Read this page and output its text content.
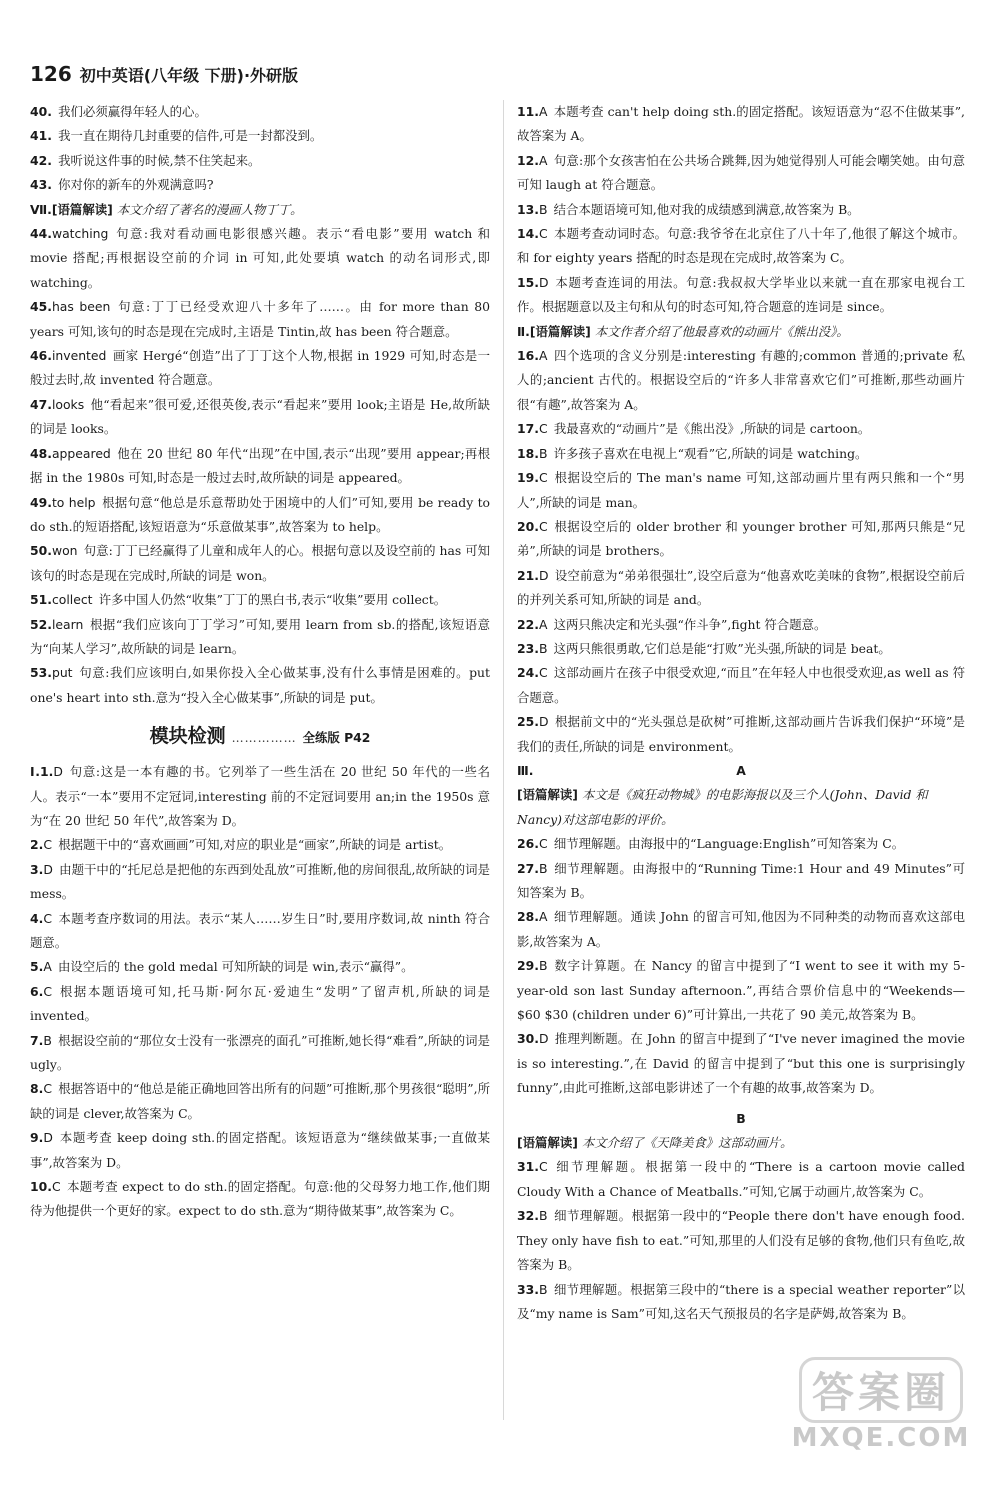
126 初中英语(八年级 下册)·外研版

40.  我们必须赢得年轻人的心。

41.  我一直在期待几封重要的信件,可是一封都没到。

42.  我听说这件事的时候,禁不住笑起来。

43.  你对你的新车的外观满意吗?

Ⅶ.[语篇解读] 本文介绍了著名的漫画人物丁丁。

44.watching  句意:我对看动画电影很感兴趣。表示“看电影”要用 watch 和 movie 搭配;再根据设空前的介词 in 可知,此处要填 watch 的动名词形式,即 watching。

45.has been  句意:丁丁已经受欢迎八十多年了……。由 for more than 80 years 可知,该句的时态是现在完成时,主语是 Tintin,故 has been 符合题意。

46.invented  画家 Hergé“创造”出了丁丁这个人物,根据 in 1929 可知,时态是一般过去时,故 invented 符合题意。

47.looks  他“看起来”很可爱,还很英俊,表示“看起来”要用 look;主语是 He,故所缺的词是 looks。

48.appeared  他在 20 世纪 80 年代“出现”在中国,表示“出现”要用 appear;再根据 in the 1980s 可知,时态是一般过去时,故所缺的词是 appeared。

49.to help  根据句意“他总是乐意帮助处于困境中的人们”可知,要用 be ready to do sth.的短语搭配,该短语意为“乐意做某事”,故答案为 to help。

50.won  句意:丁丁已经赢得了儿童和成年人的心。根据句意以及设空前的 has 可知该句的时态是现在完成时,所缺的词是 won。

51.collect  许多中国人仍然“收集”丁丁的黑白书,表示“收集”要用 collect。

52.learn  根据“我们应该向丁丁学习”可知,要用 learn from sb.的搭配,该短语意为“向某人学习”,故所缺的词是 learn。

53.put  句意:我们应该明白,如果你投入全心做某事,没有什么事情是困难的。put one's heart into sth.意为“投入全心做某事”,所缺的词是 put。

模块检测 …………… 全练版 P42

Ⅰ.1.D  句意:这是一本有趣的书。它列举了一些生活在 20 世纪 50 年代的一些名人。表示“一本”要用不定冠词,interesting 前的不定冠词要用 an;in the 1950s 意为“在 20 世纪 50 年代”,故答案为 D。

2.C  根据题干中的“喜欢画画”可知,对应的职业是“画家”,所缺的词是 artist。

3.D  由题干中的“托尼总是把他的东西到处乱放”可推断,他的房间很乱,故所缺的词是 mess。

4.C  本题考查序数词的用法。表示“某人……岁生日”时,要用序数词,故 ninth 符合题意。

5.A  由设空后的 the gold medal 可知所缺的词是 win,表示“赢得”。

6.C  根据本题语境可知,托马斯·阿尔瓦·爱迪生“发明”了留声机,所缺的词是 invented。

7.B  根据设空前的“那位女士没有一张漂亮的面孔”可推断,她长得“难看”,所缺的词是 ugly。

8.C  根据答语中的“他总是能正确地回答出所有的问题”可推断,那个男孩很“聪明”,所缺的词是 clever,故答案为 C。

9.D  本题考查 keep doing sth.的固定搭配。该短语意为“继续做某事;一直做某事”,故答案为 D。

10.C  本题考查 expect to do sth.的固定搭配。句意:他的父母努力地工作,他们期待为他提供一个更好的家。expect to do sth.意为“期待做某事”,故答案为 C。

11.A  本题考查 can't help doing sth.的固定搭配。该短语意为“忍不住做某事”,故答案为 A。

12.A  句意:那个女孩害怕在公共场合跳舞,因为她觉得别人可能会嘲笑她。由句意可知 laugh at 符合题意。

13.B  结合本题语境可知,他对我的成绩感到满意,故答案为 B。

14.C  本题考查动词时态。句意:我爷爷在北京住了八十年了,他很了解这个城市。和 for eighty years 搭配的时态是现在完成时,故答案为 C。

15.D  本题考查连词的用法。句意:我叔叔大学毕业以来就一直在那家电视台工作。根据题意以及主句和从句的时态可知,符合题意的连词是 since。

Ⅱ.[语篇解读] 本文作者介绍了他最喜欢的动画片《熊出没》。

16.A  四个选项的含义分别是:interesting 有趣的;common 普通的;private 私人的;ancient 古代的。根据设空后的“许多人非常喜欢它们”可推断,那些动画片很“有趣”,故答案为 A。

17.C  我最喜欢的“动画片”是《熊出没》,所缺的词是 cartoon。

18.B  许多孩子喜欢在电视上“观看”它,所缺的词是 watching。

19.C  根据设空后的 The man's name 可知,这部动画片里有两只熊和一个“男人”,所缺的词是 man。

20.C  根据设空后的 older brother 和 younger brother 可知,那两只熊是“兄弟”,所缺的词是 brothers。

21.D  设空前意为“弟弟很强壮”,设空后意为“他喜欢吃美味的食物”,根据设空前后的并列关系可知,所缺的词是 and。

22.A  这两只熊决定和光头强“作斗争”,fight 符合题意。

23.B  这两只熊很勇敢,它们总是能“打败”光头强,所缺的词是 beat。

24.C  这部动画片在孩子中很受欢迎,“而且”在年轻人中也很受欢迎,as well as 符合题意。

25.D  根据前文中的“光头强总是砍树”可推断,这部动画片告诉我们保护“环境”是我们的责任,所缺的词是 environment。

Ⅲ.	A

[语篇解读] 本文是《疯狂动物城》的电影海报以及三个人(John、David 和 Nancy)对这部电影的评价。

26.C  细节理解题。由海报中的“Language:English”可知答案为 C。

27.B  细节理解题。由海报中的“Running Time:1 Hour and 49 Minutes”可知答案为 B。

28.A  细节理解题。通读 John 的留言可知,他因为不同种类的动物而喜欢这部电影,故答案为 A。

29.B  数字计算题。在 Nancy 的留言中提到了“I went to see it with my 5-year-old son last Sunday afternoon.”,再结合票价信息中的“Weekends— $60 $30 (children under 6)”可计算出,一共花了 90 美元,故答案为 B。

30.D  推理判断题。在 John 的留言中提到了“I've never imagined the movie is so interesting.”,在 David 的留言中提到了“but this one is surprisingly funny”,由此可推断,这部电影讲述了一个有趣的故事,故答案为 D。

B

[语篇解读] 本文介绍了《天降美食》这部动画片。

31.C  细节理解题。根据第一段中的“There is a cartoon movie called Cloudy With a Chance of Meatballs.”可知,它属于动画片,故答案为 C。

32.B  细节理解题。根据第一段中的“People there don't have enough food. They only have fish to eat.”可知,那里的人们没有足够的食物,他们只有鱼吃,故答案为 B。

33.B  细节理解题。根据第三段中的“there is a special weather reporter”以及“my name is Sam”可知,这名天气预报员的名字是萨姆,故答案为 B。

答案圈
MXQE.COM
